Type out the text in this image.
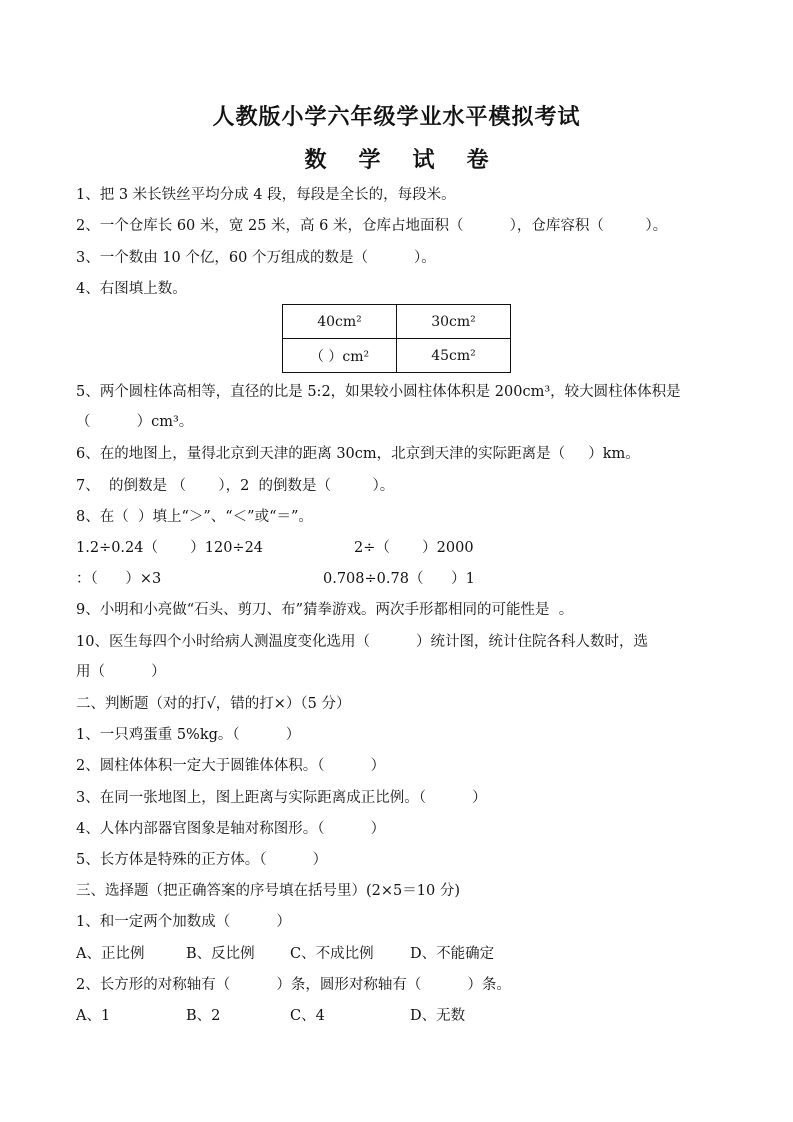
人教版小学六年级学业水平模拟考试
数 学 试 卷
1、把 3 米长铁丝平均分成 4 段，每段是全长的，每段米。
2、一个仓库长 60 米，宽 25 米，高 6 米，仓库占地面积（          ），仓库容积（         ）。
3、一个数由 10 个亿，60 个万组成的数是（          ）。
4、右图填上数。
40cm²	30cm²
（ ）cm²	45cm²
5、两个圆柱体高相等，直径的比是 5:2，如果较小圆柱体体积是 200cm³，较大圆柱体体积是
（          ）cm³。
6、在的地图上，量得北京到天津的距离 30cm，北京到天津的实际距离是（     ）km。
7、  的倒数是 （       ），2  的倒数是（         ）。
8、在（  ）填上“＞”、“＜”或“＝”。
1.2÷0.24（       ）120÷24	2÷（       ）2000
：（      ）×3	0.708÷0.78（      ）1
9、小明和小亮做“石头、剪刀、布”猜拳游戏。两次手形都相同的可能性是  。
10、医生每四个小时给病人测温度变化选用（          ）统计图，统计住院各科人数时，选
用（          ）
二、判断题（对的打√，错的打×）（5 分）
1、一只鸡蛋重 5%kg。（          ）
2、圆柱体体积一定大于圆锥体体积。（          ）
3、在同一张地图上，图上距离与实际距离成正比例。（          ）
4、人体内部器官图象是轴对称图形。（          ）
5、长方体是特殊的正方体。（          ）
三、选择题（把正确答案的序号填在括号里）(2×5＝10 分)
1、和一定两个加数成（          ）
A、正比例	B、反比例 C、不成比例	D、不能确定
2、长方形的对称轴有（          ）条，圆形对称轴有（          ）条。
A、1	B、2	C、4	D、无数
